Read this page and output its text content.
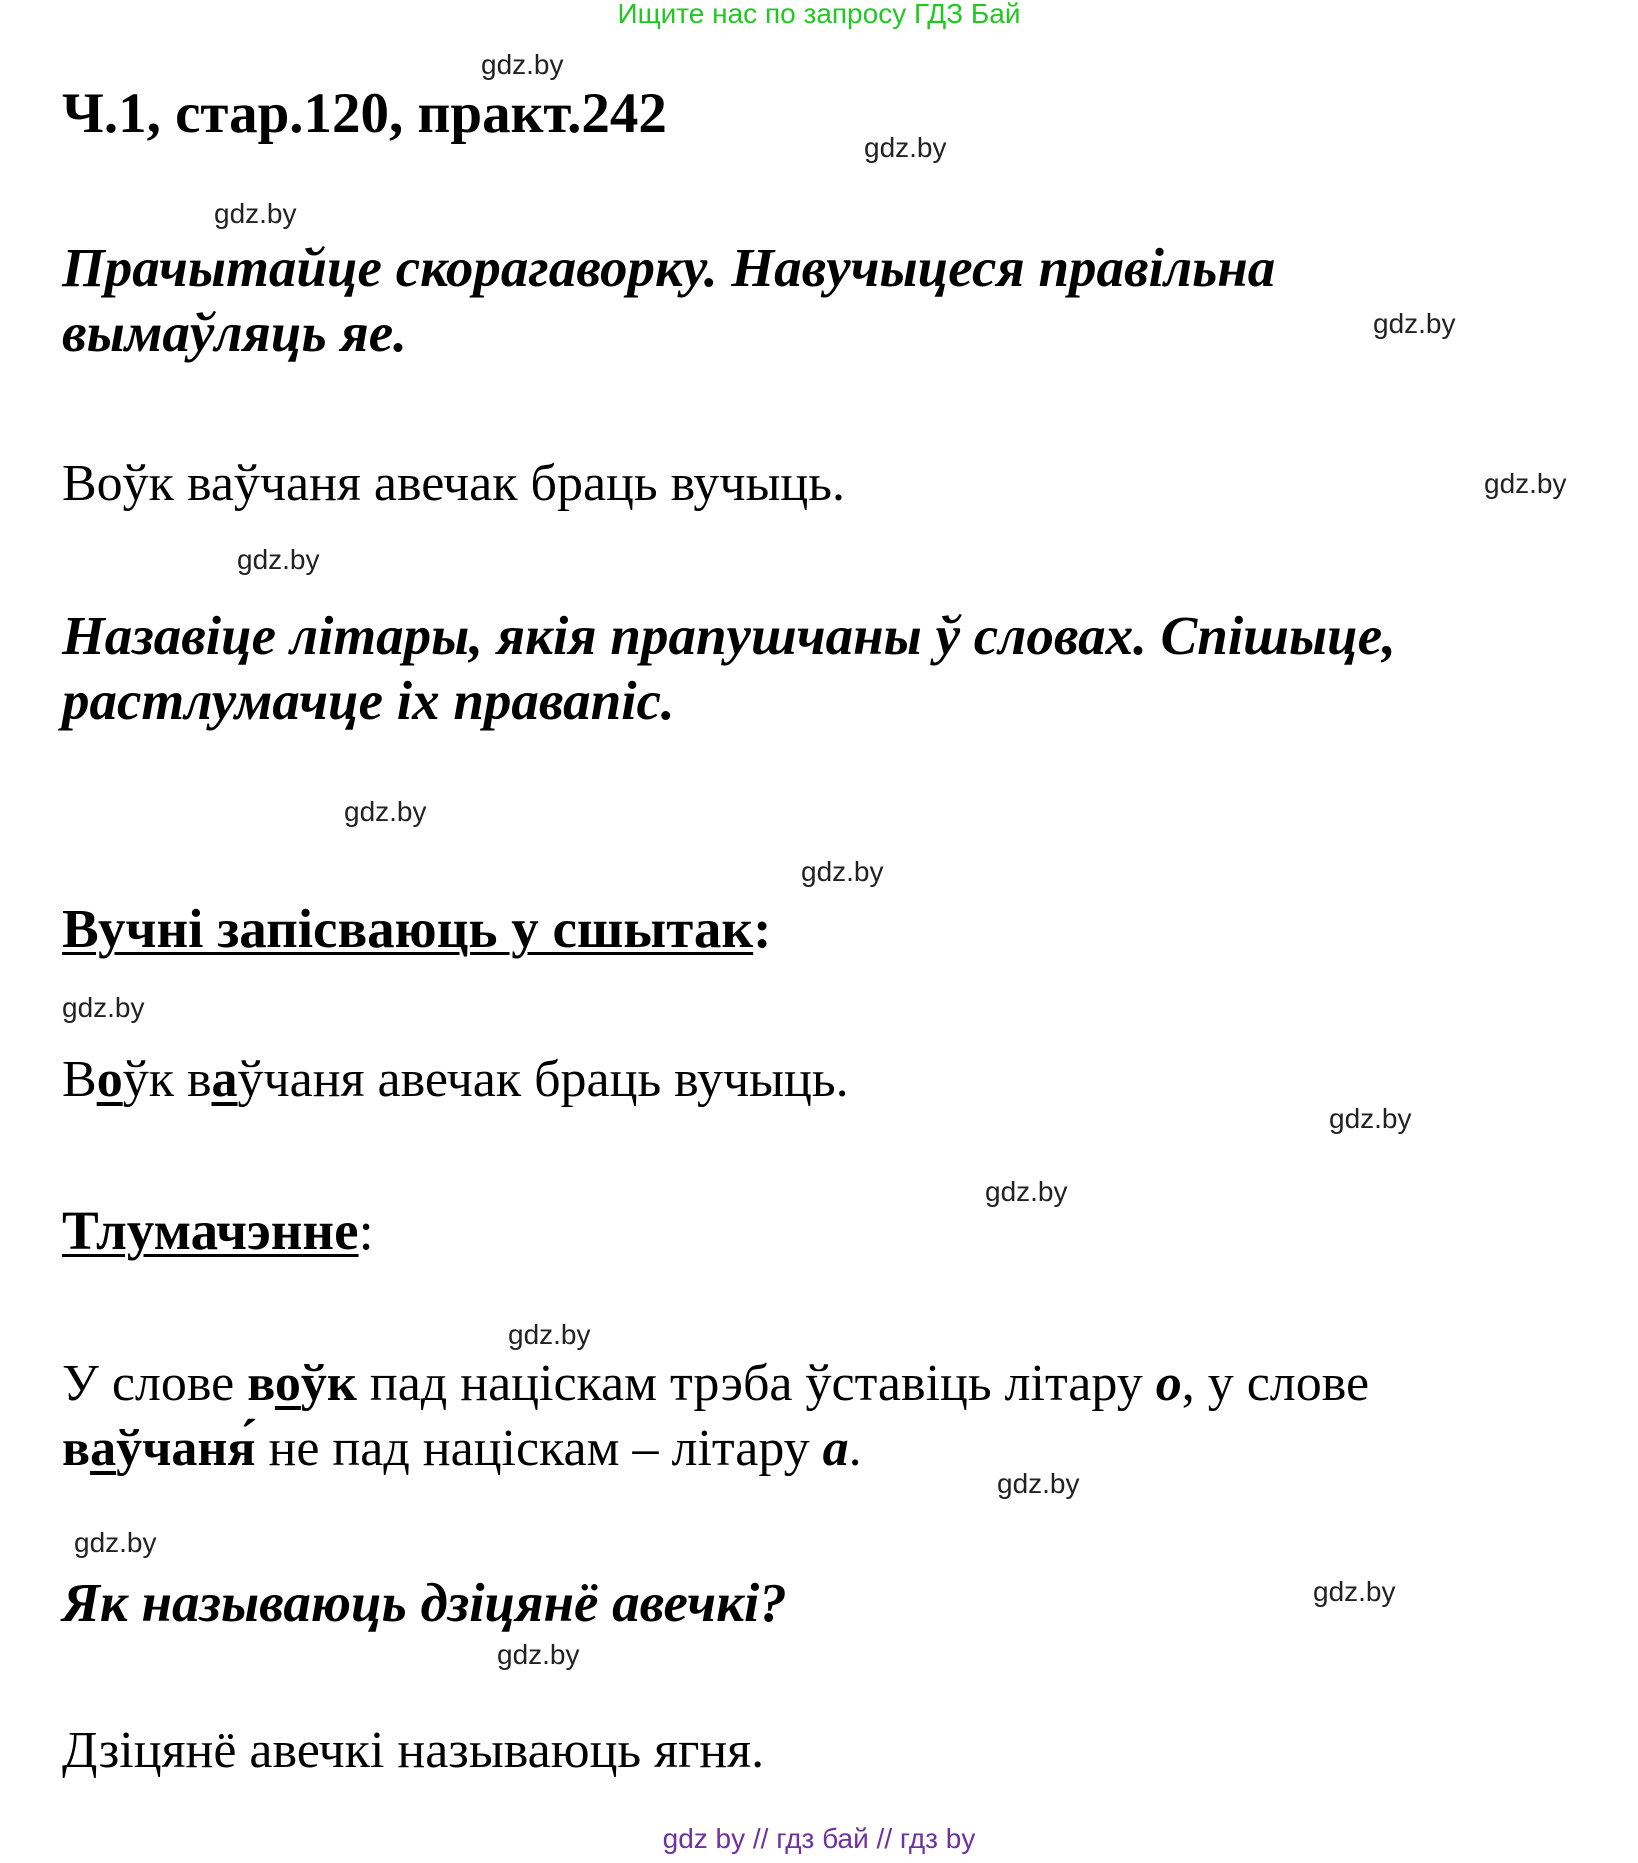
Ищите нас по запросу ГДЗ Бай
gdz.by
gdz.by
gdz.by
gdz.by
gdz.by
gdz.by
gdz.by
gdz.by
gdz.by
gdz.by
gdz.by
gdz.by
gdz.by
gdz.by
gdz.by
gdz.by
Ч.1, стар.120, практ.242
Прачытайце скорагаворку. Навучыцеся правільна
вымаўляць яе.
Воўк ваўчаня авечак браць вучыць.
Назавіце літары, якія прапушчаны ў словах. Спішыце,
растлумачце іх правапіс.
Вучні запісваюць у сшытак:
Воўк ваўчаня авечак браць вучыць.
Тлумачэнне:
У слове воўк пад націскам трэба ўставіць літару о, у слове
ваўчаня́ не пад націскам – літару а.
Як называюць дзіцянё авечкі?
Дзіцянё авечкі называюць ягня.
gdz by // гдз бай // гдз by
